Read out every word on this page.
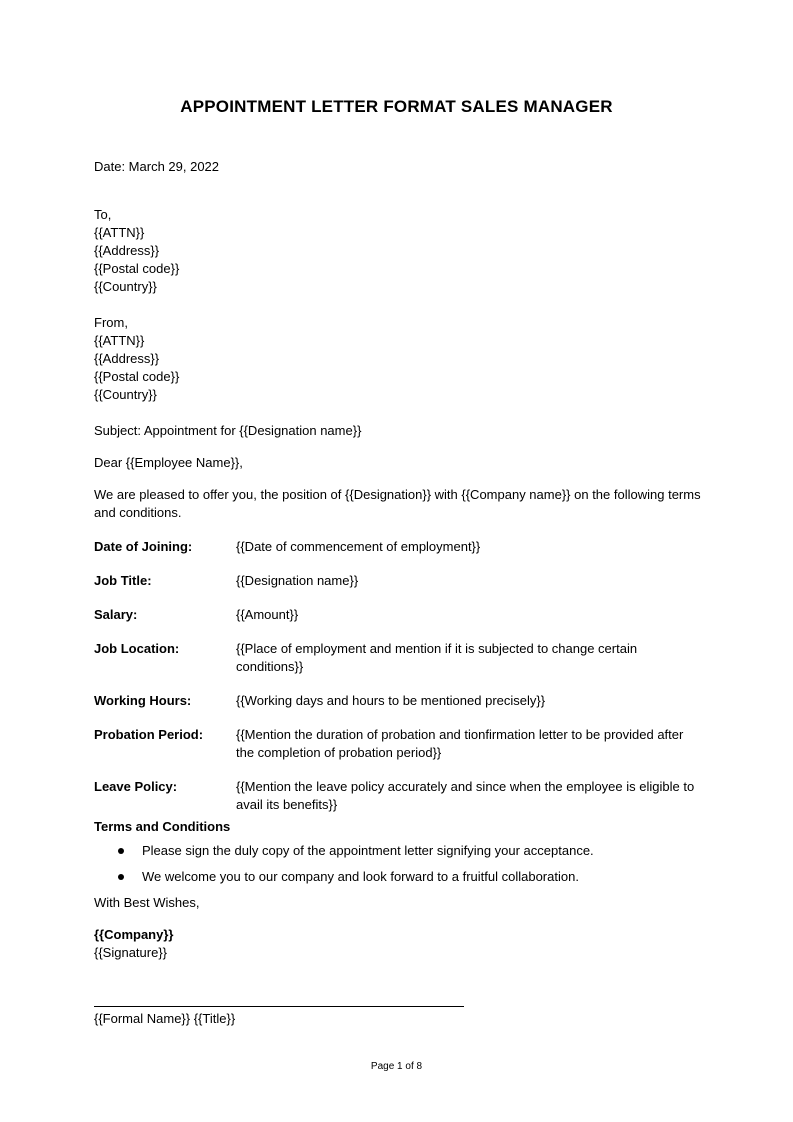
APPOINTMENT LETTER FORMAT SALES MANAGER
Date: March 29, 2022
To,
{{ATTN}}
{{Address}}
{{Postal code}}
{{Country}}
From,
{{ATTN}}
{{Address}}
{{Postal code}}
{{Country}}
Subject: Appointment for {{Designation name}}
Dear {{Employee Name}},
We are pleased to offer you, the position of {{Designation}} with {{Company name}} on the following terms and conditions.
Date of Joining:	{{Date of commencement of employment}}
Job Title:	{{Designation name}}
Salary:	{{Amount}}
Job Location:	{{Place of employment and mention if it is subjected to change certain conditions}}
Working Hours:	{{Working days and hours to be mentioned precisely}}
Probation Period:	{{Mention the duration of probation and tionfirmation letter to be provided after the completion of probation period}}
Leave Policy:	{{Mention the leave policy accurately and since when the employee is eligible to avail its benefits}}
Terms and Conditions
Please sign the duly copy of the appointment letter signifying your acceptance.
We welcome you to our company and look forward to a fruitful collaboration.
With Best Wishes,
{{Company}}
{{Signature}}
{{Formal Name}} {{Title}}
Page 1 of 8
